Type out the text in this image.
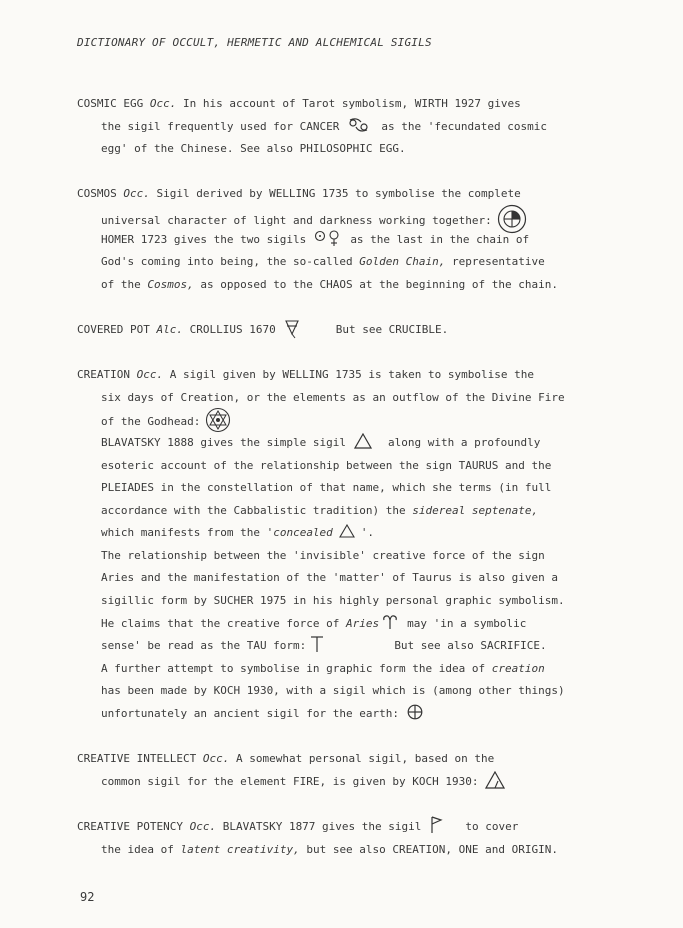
DICTIONARY OF OCCULT, HERMETIC AND ALCHEMICAL SIGILS
COSMIC EGG Occ. In his account of Tarot symbolism, WIRTH 1927 gives
the sigil frequently used for CANCER	as the 'fecundated cosmic
egg' of the Chinese. See also PHILOSOPHIC EGG.
COSMOS Occ. Sigil derived by WELLING 1735 to symbolise the complete
universal character of light and darkness working together:
HOMER 1723 gives the two sigils	as the last in the chain of
God's coming into being, the so-called Golden Chain, representative
of the Cosmos, as opposed to the CHAOS at the beginning of the chain.
COVERED POT Alc. CROLLIUS 1670	But see CRUCIBLE.
CREATION Occ. A sigil given by WELLING 1735 is taken to symbolise the
six days of Creation, or the elements as an outflow of the Divine Fire
of the Godhead:
BLAVATSKY 1888 gives the simple sigil	along with a profoundly
esoteric account of the relationship between the sign TAURUS and the
PLEIADES in the constellation of that name, which she terms (in full
accordance with the Cabbalistic tradition) the sidereal septenate,
which manifests from the 'concealed	'.
The relationship between the 'invisible' creative force of the sign
Aries and the manifestation of the 'matter' of Taurus is also given a
sigillic form by SUCHER 1975 in his highly personal graphic symbolism.
He claims that the creative force of Aries	may 'in a symbolic
sense' be read as the TAU form:	But see also SACRIFICE.
A further attempt to symbolise in graphic form the idea of creation
has been made by KOCH 1930, with a sigil which is (among other things)
unfortunately an ancient sigil for the earth:
CREATIVE INTELLECT Occ. A somewhat personal sigil, based on the
common sigil for the element FIRE, is given by KOCH 1930:
CREATIVE POTENCY Occ. BLAVATSKY 1877 gives the sigil	to cover
the idea of latent creativity, but see also CREATION, ONE and ORIGIN.
92
